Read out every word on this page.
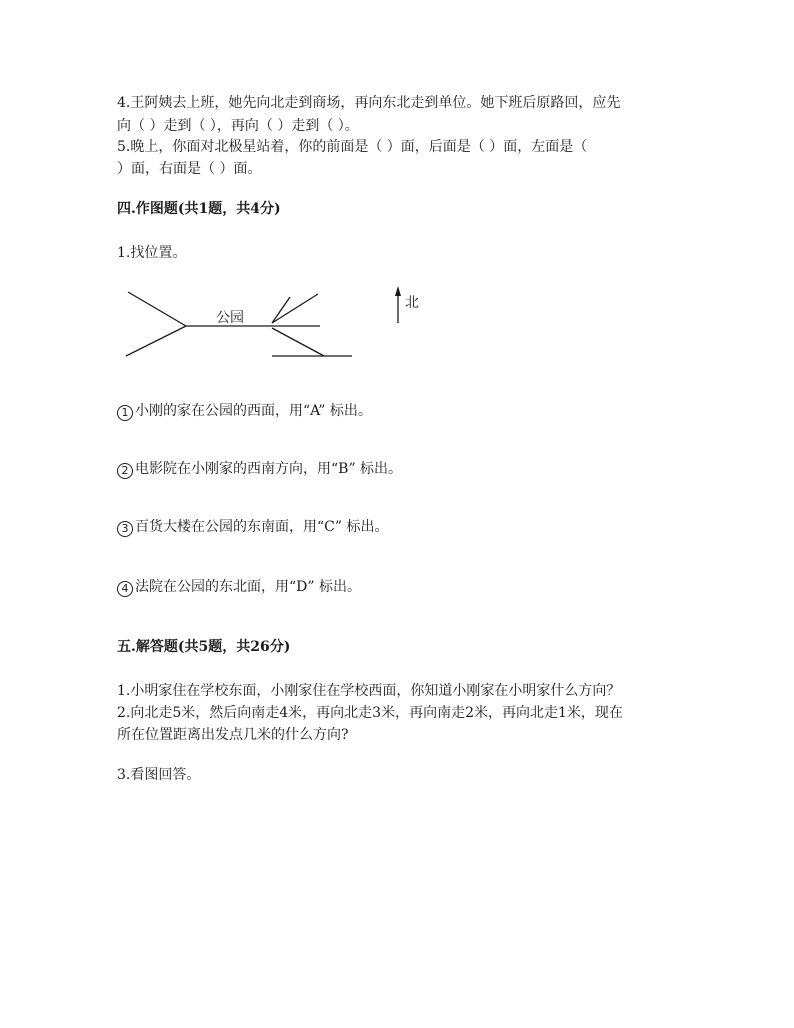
4.王阿姨去上班，她先向北走到商场，再向东北走到单位。她下班后原路回，应先
向（ ）走到（ ），再向（ ）走到（ ）。
5.晚上，你面对北极星站着，你的前面是（ ）面，后面是（ ）面，左面是（
）面，右面是（ ）面。
四.作图题(共1题，共4分)
1.找位置。
公园
北
1 小刚的家在公园的西面，用“A” 标出。
2 电影院在小刚家的西南方向，用“B” 标出。
3 百货大楼在公园的东南面，用“C” 标出。
4 法院在公园的东北面，用“D” 标出。
五.解答题(共5题，共26分)
1.小明家住在学校东面，小刚家住在学校西面，你知道小刚家在小明家什么方向？
2.向北走5米，然后向南走4米，再向北走3米，再向南走2米，再向北走1米，现在
所在位置距离出发点几米的什么方向?
3.看图回答。
